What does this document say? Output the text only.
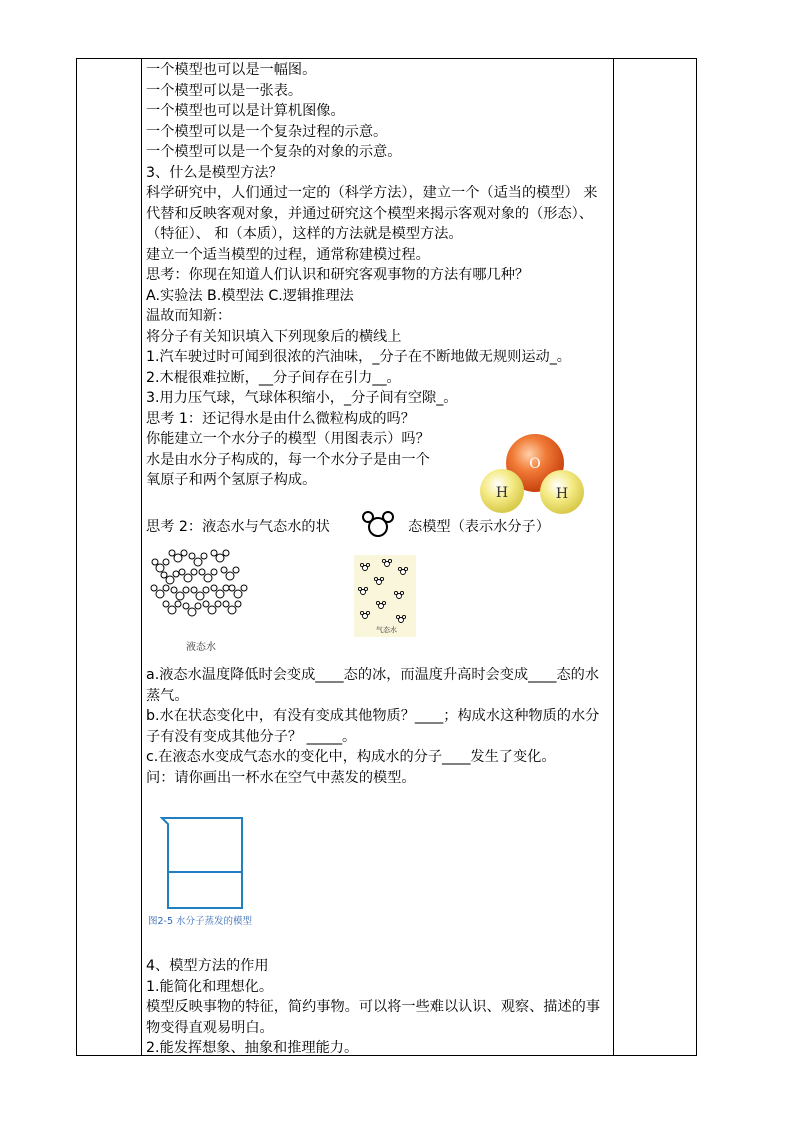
一个模型也可以是一幅图。

一个模型可以是一张表。

一个模型也可以是计算机图像。

一个模型可以是一个复杂过程的示意。

一个模型可以是一个复杂的对象的示意。

3、什么是模型方法？

科学研究中，人们通过一定的（科学方法），建立一个（适当的模型） 来代替和反映客观对象，并通过研究这个模型来揭示客观对象的（形态）、（特征）、 和（本质），这样的方法就是模型方法。

建立一个适当模型的过程，通常称建模过程。

思考：你现在知道人们认识和研究客观事物的方法有哪几种？

A.实验法 B.模型法 C.逻辑推理法

温故而知新：

将分子有关知识填入下列现象后的横线上

1.汽车驶过时可闻到很浓的汽油味，_分子在不断地做无规则运动_。

2.木棍很难拉断，__分子间存在引力__。

3.用力压气球，气球体积缩小，_分子间有空隙_。

思考 1：还记得水是由什么微粒构成的吗？

你能建立一个水分子的模型（用图表示）吗？

水是由水分子构成的，每一个水分子是由一个

氧原子和两个氢原子构成。

O
H	H
思考 2：液态水与气态水的状	态模型（表示水分子）
液态水
气态水

a.液态水温度降低时会变成____态的冰，而温度升高时会变成____态的水蒸气。

b.水在状态变化中，有没有变成其他物质？____；构成水这种物质的水分子有没有变成其他分子？ _____。

c.在液态水变成气态水的变化中，构成水的分子____发生了变化。

问：请你画出一杯水在空气中蒸发的模型。

图2-5 水分子蒸发的模型

4、模型方法的作用

1.能简化和理想化。

模型反映事物的特征，简约事物。可以将一些难以认识、观察、描述的事物变得直观易明白。

2.能发挥想象、抽象和推理能力。
